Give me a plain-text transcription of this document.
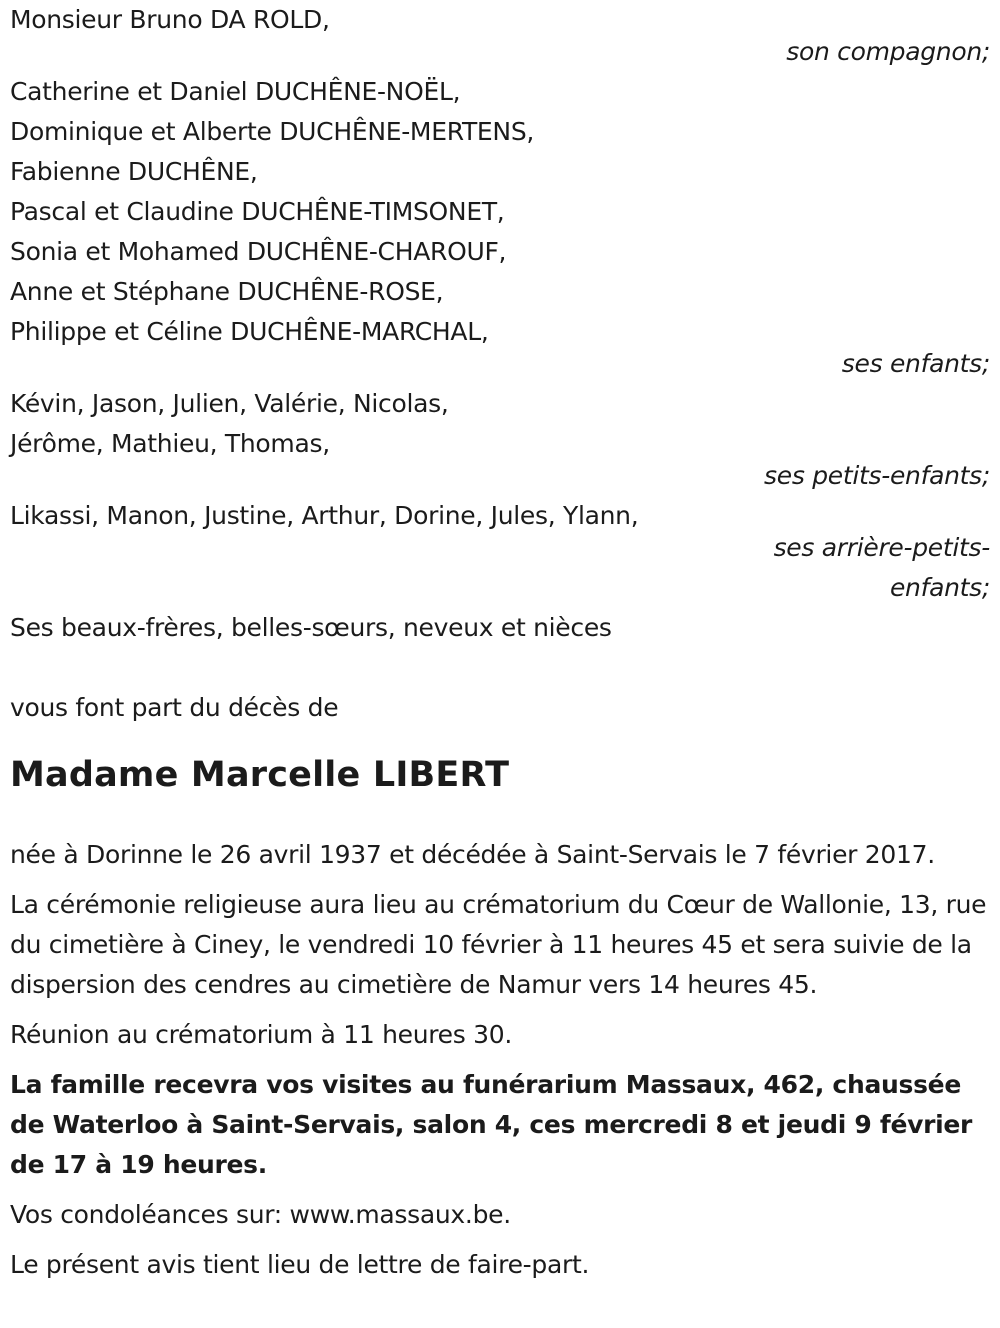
Monsieur Bruno DA ROLD,
son compagnon;
Catherine et Daniel DUCHÊNE-NOËL,
Dominique et Alberte DUCHÊNE-MERTENS,
Fabienne DUCHÊNE,
Pascal et Claudine DUCHÊNE-TIMSONET,
Sonia et Mohamed DUCHÊNE-CHAROUF,
Anne et Stéphane DUCHÊNE-ROSE,
Philippe et Céline DUCHÊNE-MARCHAL,
ses enfants;
Kévin, Jason, Julien, Valérie, Nicolas,
Jérôme, Mathieu, Thomas,
ses petits-enfants;
Likassi, Manon, Justine, Arthur, Dorine, Jules, Ylann,
ses arrière-petits-
enfants;
Ses beaux-frères, belles-sœurs, neveux et nièces
vous font part du décès de
Madame Marcelle LIBERT
née à Dorinne le 26 avril 1937 et décédée à Saint-Servais le 7 février 2017.
La cérémonie religieuse aura lieu au crématorium du Cœur de Wallonie, 13, rue du cimetière à Ciney, le vendredi 10 février à 11 heures 45 et sera suivie de la dispersion des cendres au cimetière de Namur vers 14 heures 45.
Réunion au crématorium à 11 heures 30.
La famille recevra vos visites au funérarium Massaux, 462, chaussée de Waterloo à Saint-Servais, salon 4, ces mercredi 8 et jeudi 9 février de 17 à 19 heures.
Vos condoléances sur: www.massaux.be.
Le présent avis tient lieu de lettre de faire-part.
